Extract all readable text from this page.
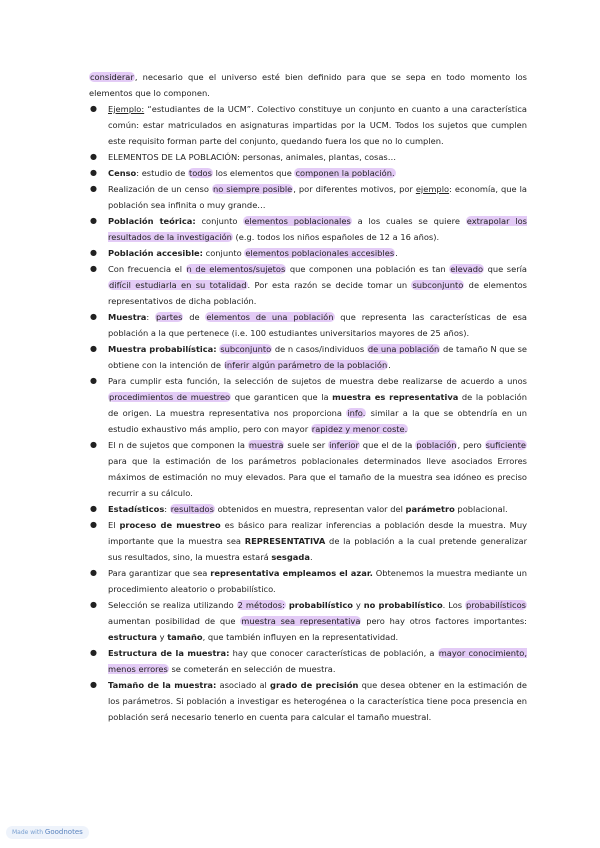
considerar, necesario que el universo esté bien definido para que se sepa en todo momento los elementos que lo componen.

● Ejemplo: “estudiantes de la UCM”. Colectivo constituye un conjunto en cuanto a una característica común: estar matriculados en asignaturas impartidas por la UCM. Todos los sujetos que cumplen este requisito forman parte del conjunto, quedando fuera los que no lo cumplen.
● ELEMENTOS DE LA POBLACIÓN: personas, animales, plantas, cosas…
● Censo: estudio de todos los elementos que componen la población.
● Realización de un censo no siempre posible, por diferentes motivos, por ejemplo: economía, que la población sea infinita o muy grande…
● Población teórica: conjunto elementos poblacionales a los cuales se quiere extrapolar los resultados de la investigación (e.g. todos los niños españoles de 12 a 16 años).
● Población accesible: conjunto elementos poblacionales accesibles.
● Con frecuencia el n de elementos/sujetos que componen una población es tan elevado que sería difícil estudiarla en su totalidad. Por esta razón se decide tomar un subconjunto de elementos representativos de dicha población.
● Muestra: partes de elementos de una población que representa las características de esa población a la que pertenece (i.e. 100 estudiantes universitarios mayores de 25 años).
● Muestra probabilística: subconjunto de n casos/individuos de una población de tamaño N que se obtiene con la intención de inferir algún parámetro de la población.
● Para cumplir esta función, la selección de sujetos de muestra debe realizarse de acuerdo a unos procedimientos de muestreo que garanticen que la muestra es representativa de la población de origen. La muestra representativa nos proporciona info. similar a la que se obtendría en un estudio exhaustivo más amplio, pero con mayor rapidez y menor coste.
● El n de sujetos que componen la muestra suele ser inferior que el de la población, pero suficiente para que la estimación de los parámetros poblacionales determinados lleve asociados Errores máximos de estimación no muy elevados. Para que el tamaño de la muestra sea idóneo es preciso recurrir a su cálculo.
● Estadísticos: resultados obtenidos en muestra, representan valor del parámetro poblacional.
● El proceso de muestreo es básico para realizar inferencias a población desde la muestra. Muy importante que la muestra sea REPRESENTATIVA de la población a la cual pretende generalizar sus resultados, sino, la muestra estará sesgada.
● Para garantizar que sea representativa empleamos el azar. Obtenemos la muestra mediante un procedimiento aleatorio o probabilístico.
● Selección se realiza utilizando 2 métodos: probabilístico y no probabilístico. Los probabilísticos aumentan posibilidad de que muestra sea representativa pero hay otros factores importantes: estructura y tamaño, que también influyen en la representatividad.
● Estructura de la muestra: hay que conocer características de población, a mayor conocimiento, menos errores se cometerán en selección de muestra.
● Tamaño de la muestra: asociado al grado de precisión que desea obtener en la estimación de los parámetros. Si población a investigar es heterogénea o la característica tiene poca presencia en población será necesario tenerlo en cuenta para calcular el tamaño muestral.
Made with Goodnotes
